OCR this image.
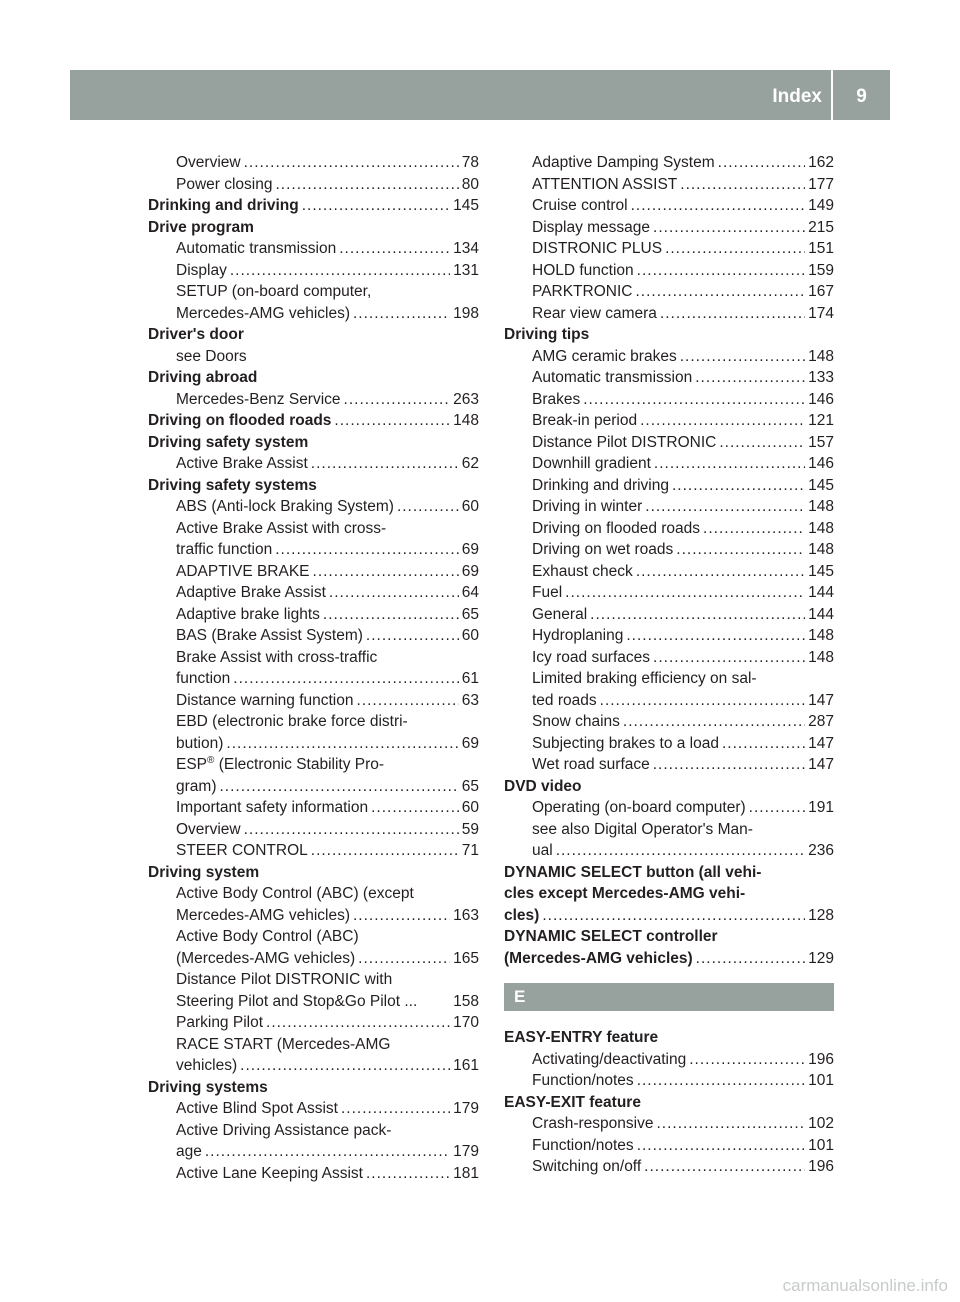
Index	9
Overview .....	78
Power closing .....	80
Drinking and driving .....	145
Drive program
Automatic transmission .....	134
Display .....	131
SETUP (on-board computer,
Mercedes-AMG vehicles) .....	198
Driver's door
see Doors
Driving abroad
Mercedes-Benz Service .....	263
Driving on flooded roads .....	148
Driving safety system
Active Brake Assist .....	62
Driving safety systems
ABS (Anti-lock Braking System) .....	60
Active Brake Assist with cross-
traffic function .....	69
ADAPTIVE BRAKE .....	69
Adaptive Brake Assist .....	64
Adaptive brake lights .....	65
BAS (Brake Assist System) .....	60
Brake Assist with cross-traffic
function .....	61
Distance warning function .....	63
EBD (electronic brake force distri-
bution) .....	69
ESP® (Electronic Stability Pro-
gram) .....	65
Important safety information .....	60
Overview .....	59
STEER CONTROL .....	71
Driving system
Active Body Control (ABC) (except
Mercedes-AMG vehicles) .....	163
Active Body Control (ABC)
(Mercedes-AMG vehicles) .....	165
Distance Pilot DISTRONIC with
Steering Pilot and Stop&Go Pilot ... 158
Parking Pilot .....	170
RACE START (Mercedes-AMG
vehicles) .....	161
Driving systems
Active Blind Spot Assist .....	179
Active Driving Assistance pack-
age .....	179
Active Lane Keeping Assist .....	181
Adaptive Damping System .....	162
ATTENTION ASSIST .....	177
Cruise control .....	149
Display message .....	215
DISTRONIC PLUS .....	151
HOLD function .....	159
PARKTRONIC .....	167
Rear view camera .....	174
Driving tips
AMG ceramic brakes .....	148
Automatic transmission .....	133
Brakes .....	146
Break-in period .....	121
Distance Pilot DISTRONIC .....	157
Downhill gradient .....	146
Drinking and driving .....	145
Driving in winter .....	148
Driving on flooded roads .....	148
Driving on wet roads .....	148
Exhaust check .....	145
Fuel .....	144
General .....	144
Hydroplaning .....	148
Icy road surfaces .....	148
Limited braking efficiency on sal-
ted roads .....	147
Snow chains .....	287
Subjecting brakes to a load .....	147
Wet road surface .....	147
DVD video
Operating (on-board computer) .....	191
see also Digital Operator's Man-
ual .....	236
DYNAMIC SELECT button (all vehi-
cles except Mercedes-AMG vehi-
cles) .....	128
DYNAMIC SELECT controller
(Mercedes-AMG vehicles) .....	129
E
EASY-ENTRY feature
Activating/deactivating .....	196
Function/notes .....	101
EASY-EXIT feature
Crash-responsive .....	102
Function/notes .....	101
Switching on/off .....	196
carmanualsonline.info
